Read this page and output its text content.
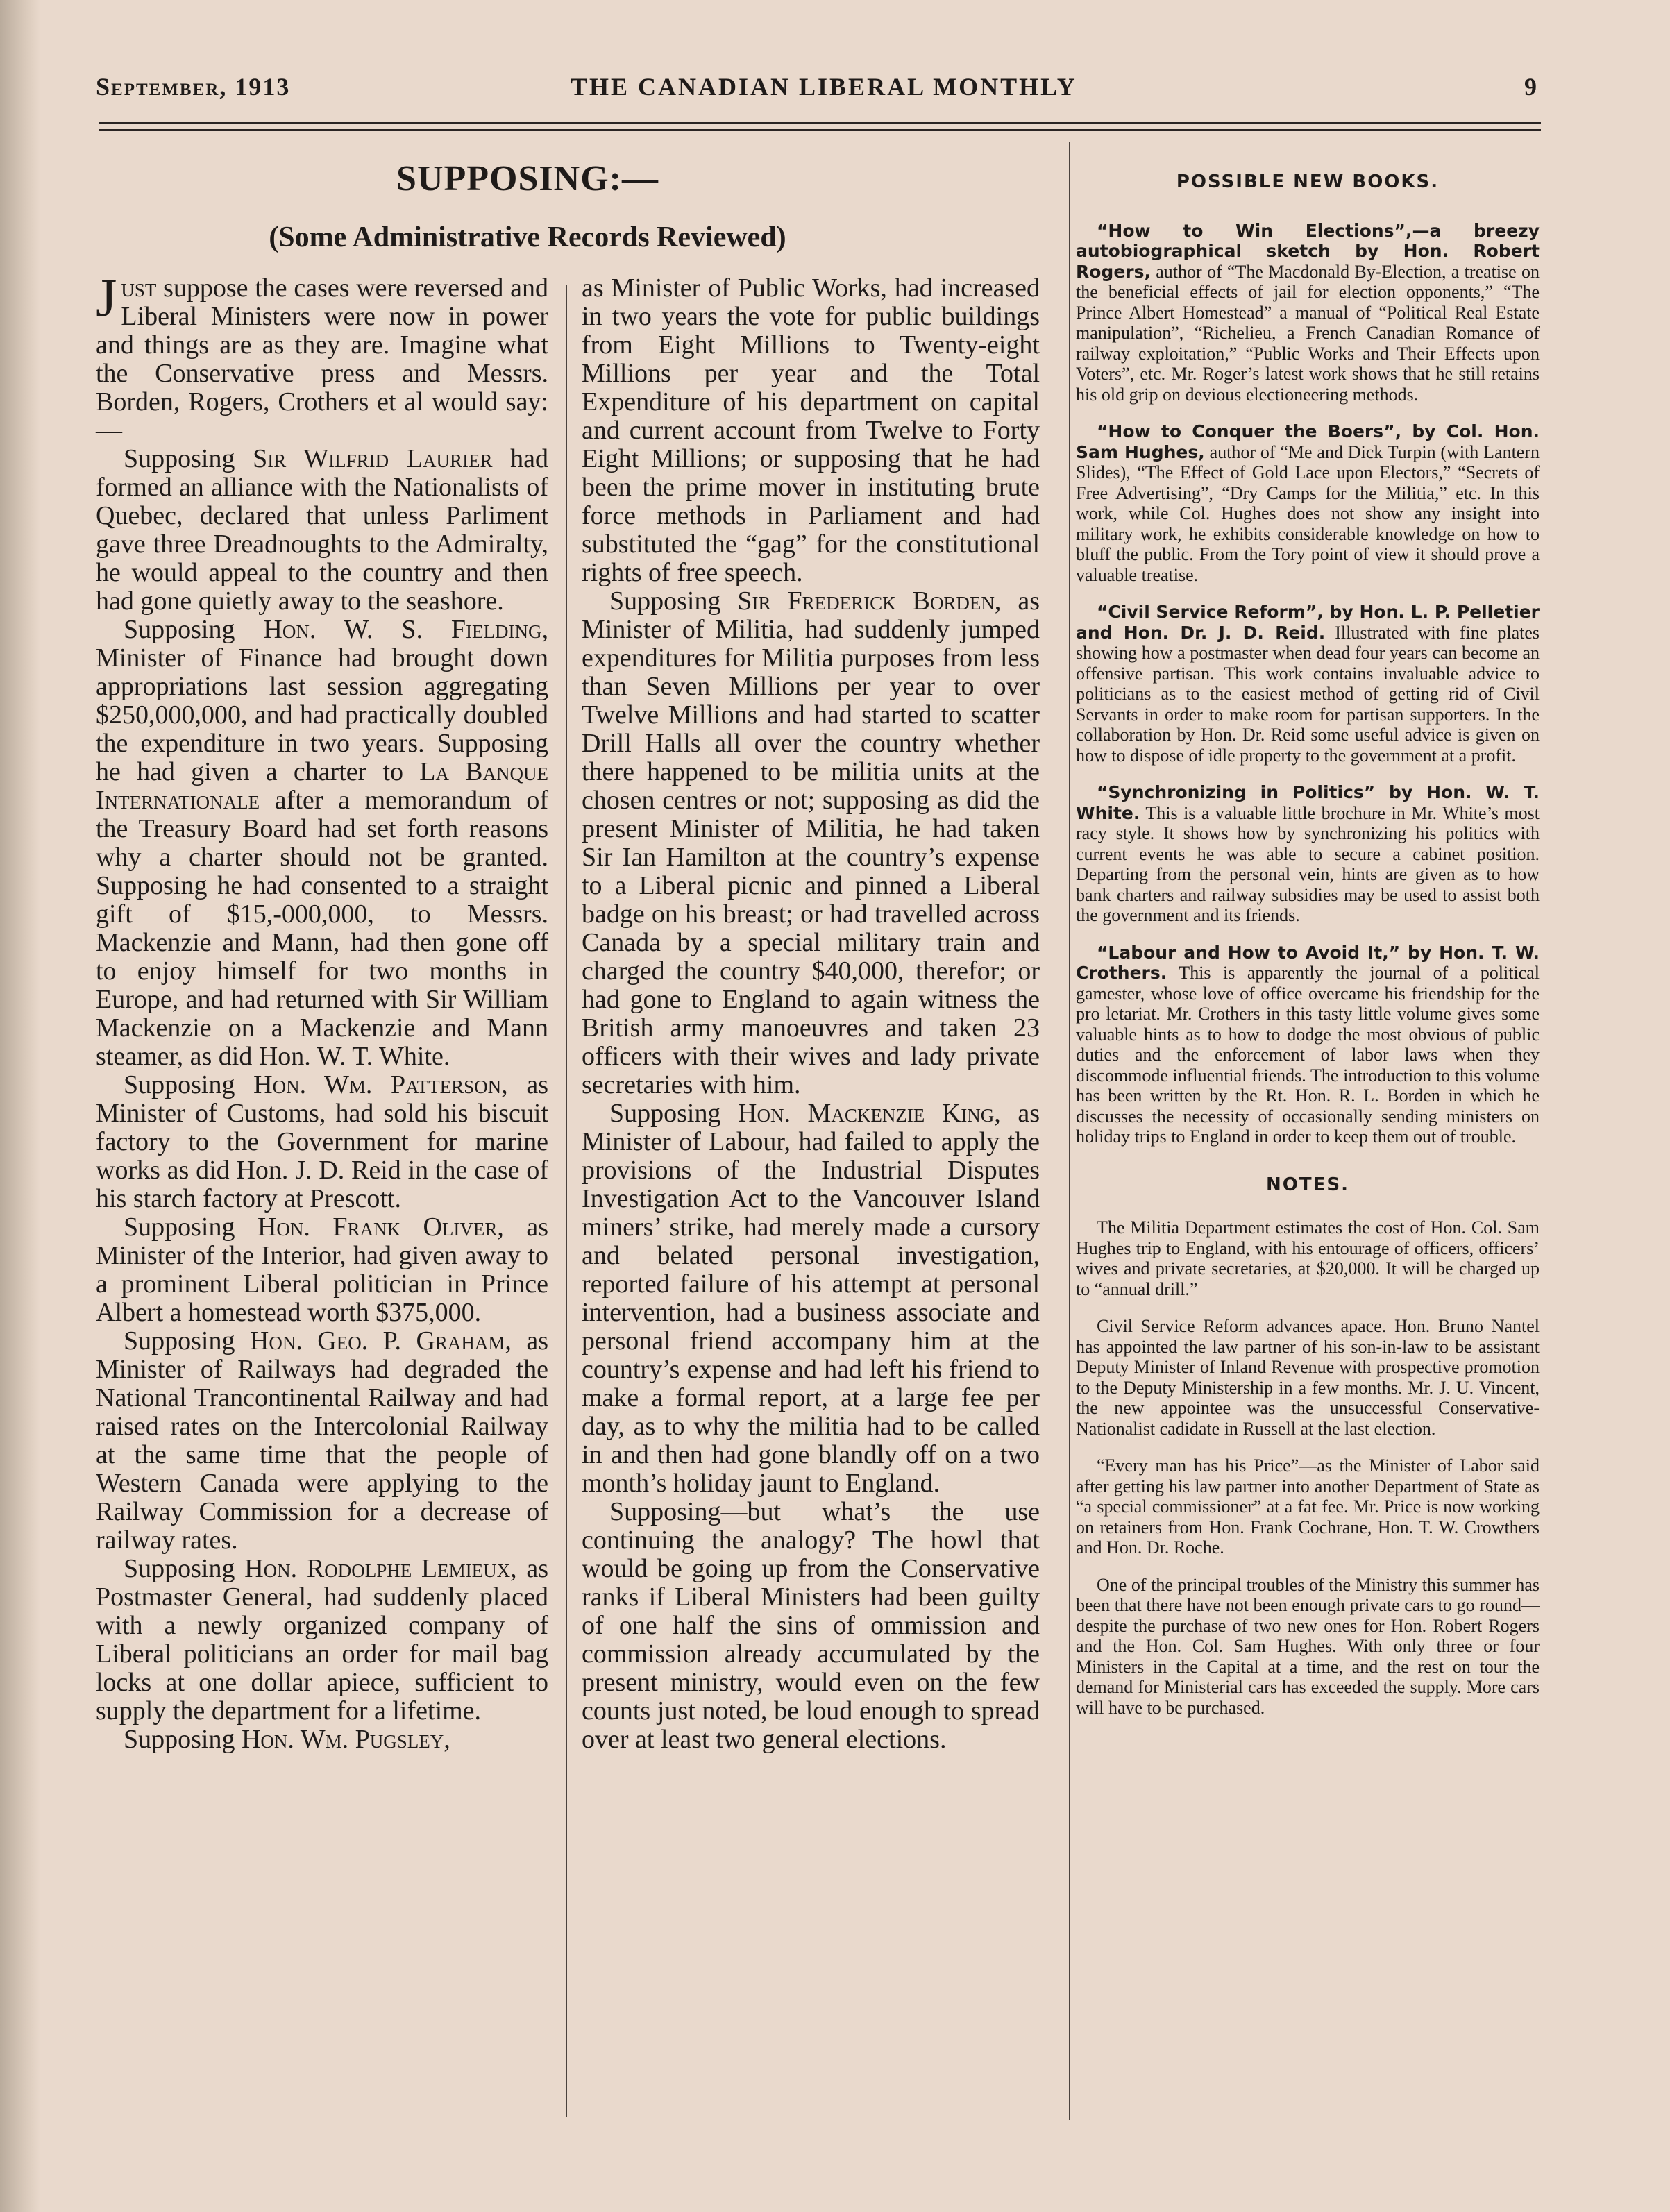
September, 1913	THE CANADIAN LIBERAL MONTHLY	9
SUPPOSING:—
(Some Administrative Records Reviewed)

Just suppose the cases were reversed and Liberal Ministers were now in power and things are as they are. Imagine what the Conservative press and Messrs. Borden, Rogers, Crothers et al would say:—

Supposing Sir Wilfrid Laurier had formed an alliance with the Nationalists of Quebec, declared that unless Parliment gave three Dreadnoughts to the Admiralty, he would appeal to the country and then had gone quietly away to the seashore.

Supposing Hon. W. S. Fielding, Minister of Finance had brought down appropriations last session aggregating $250,000,000, and had practically doubled the expenditure in two years. Supposing he had given a charter to La Banque Internationale after a memorandum of the Treasury Board had set forth reasons why a charter should not be granted. Supposing he had consented to a straight gift of $15,-000,000, to Messrs. Mackenzie and Mann, had then gone off to enjoy himself for two months in Europe, and had returned with Sir William Mackenzie on a Mackenzie and Mann steamer, as did Hon. W. T. White.

Supposing Hon. Wm. Patterson, as Minister of Customs, had sold his biscuit factory to the Government for marine works as did Hon. J. D. Reid in the case of his starch factory at Prescott.

Supposing Hon. Frank Oliver, as Minister of the Interior, had given away to a prominent Liberal politician in Prince Albert a homestead worth $375,000.

Supposing Hon. Geo. P. Graham, as Minister of Railways had degraded the National Trancontinental Railway and had raised rates on the Intercolonial Railway at the same time that the people of Western Canada were applying to the Railway Commission for a decrease of railway rates.

Supposing Hon. Rodolphe Lemieux, as Postmaster General, had suddenly placed with a newly organized company of Liberal politicians an order for mail bag locks at one dollar apiece, sufficient to supply the department for a lifetime.

Supposing Hon. Wm. Pugsley,

as Minister of Public Works, had increased in two years the vote for public buildings from Eight Millions to Twenty-eight Millions per year and the Total Expenditure of his department on capital and current account from Twelve to Forty Eight Millions; or supposing that he had been the prime mover in instituting brute force methods in Parliament and had substituted the “gag” for the constitutional rights of free speech.

Supposing Sir Frederick Borden, as Minister of Militia, had suddenly jumped expenditures for Militia purposes from less than Seven Millions per year to over Twelve Millions and had started to scatter Drill Halls all over the country whether there happened to be militia units at the chosen centres or not; supposing as did the present Minister of Militia, he had taken Sir Ian Hamilton at the country’s expense to a Liberal picnic and pinned a Liberal badge on his breast; or had travelled across Canada by a special military train and charged the country $40,000, therefor; or had gone to England to again witness the British army manoeuvres and taken 23 officers with their wives and lady private secretaries with him.

Supposing Hon. Mackenzie King, as Minister of Labour, had failed to apply the provisions of the Industrial Disputes Investigation Act to the Vancouver Island miners’ strike, had merely made a cursory and belated personal investigation, reported failure of his attempt at personal intervention, had a business associate and personal friend accompany him at the country’s expense and had left his friend to make a formal report, at a large fee per day, as to why the militia had to be called in and then had gone blandly off on a two month’s holiday jaunt to England.

Supposing—but what’s the use continuing the analogy? The howl that would be going up from the Conservative ranks if Liberal Ministers had been guilty of one half the sins of ommission and commission already accumulated by the present ministry, would even on the few counts just noted, be loud enough to spread over at least two general elections.

POSSIBLE NEW BOOKS.

“How to Win Elections”,—a breezy autobiographical sketch by Hon. Robert Rogers, author of “The Macdonald By-Election, a treatise on the beneficial effects of jail for election opponents,” “The Prince Albert Homestead” a manual of “Political Real Estate manipulation”, “Richelieu, a French Canadian Romance of railway exploitation,” “Public Works and Their Effects upon Voters”, etc. Mr. Roger’s latest work shows that he still retains his old grip on devious electioneering methods.

“How to Conquer the Boers”, by Col. Hon. Sam Hughes, author of “Me and Dick Turpin (with Lantern Slides), “The Effect of Gold Lace upon Electors,” “Secrets of Free Advertising”, “Dry Camps for the Militia,” etc. In this work, while Col. Hughes does not show any insight into military work, he exhibits considerable knowledge on how to bluff the public. From the Tory point of view it should prove a valuable treatise.

“Civil Service Reform”, by Hon. L. P. Pelletier and Hon. Dr. J. D. Reid. Illustrated with fine plates showing how a postmaster when dead four years can become an offensive partisan. This work contains invaluable advice to politicians as to the easiest method of getting rid of Civil Servants in order to make room for partisan supporters. In the collaboration by Hon. Dr. Reid some useful advice is given on how to dispose of idle property to the government at a profit.

“Synchronizing in Politics” by Hon. W. T. White. This is a valuable little brochure in Mr. White’s most racy style. It shows how by synchronizing his politics with current events he was able to secure a cabinet position. Departing from the personal vein, hints are given as to how bank charters and railway subsidies may be used to assist both the government and its friends.

“Labour and How to Avoid It,” by Hon. T. W. Crothers. This is apparently the journal of a political gamester, whose love of office overcame his friendship for the pro letariat. Mr. Crothers in this tasty little volume gives some valuable hints as to how to dodge the most obvious of public duties and the enforcement of labor laws when they discommode influential friends. The introduction to this volume has been written by the Rt. Hon. R. L. Borden in which he discusses the necessity of occasionally sending ministers on holiday trips to England in order to keep them out of trouble.

NOTES.

The Militia Department estimates the cost of Hon. Col. Sam Hughes trip to England, with his entourage of officers, officers’ wives and private secretaries, at $20,000. It will be charged up to “annual drill.”

Civil Service Reform advances apace. Hon. Bruno Nantel has appointed the law partner of his son-in-law to be assistant Deputy Minister of Inland Revenue with prospective promotion to the Deputy Ministership in a few months. Mr. J. U. Vincent, the new appointee was the unsuccessful Conservative-Nationalist cadidate in Russell at the last election.

“Every man has his Price”—as the Minister of Labor said after getting his law partner into another Department of State as “a special commissioner” at a fat fee. Mr. Price is now working on retainers from Hon. Frank Cochrane, Hon. T. W. Crowthers and Hon. Dr. Roche.

One of the principal troubles of the Ministry this summer has been that there have not been enough private cars to go round—despite the purchase of two new ones for Hon. Robert Rogers and the Hon. Col. Sam Hughes. With only three or four Ministers in the Capital at a time, and the rest on tour the demand for Ministerial cars has exceeded the supply. More cars will have to be purchased.
